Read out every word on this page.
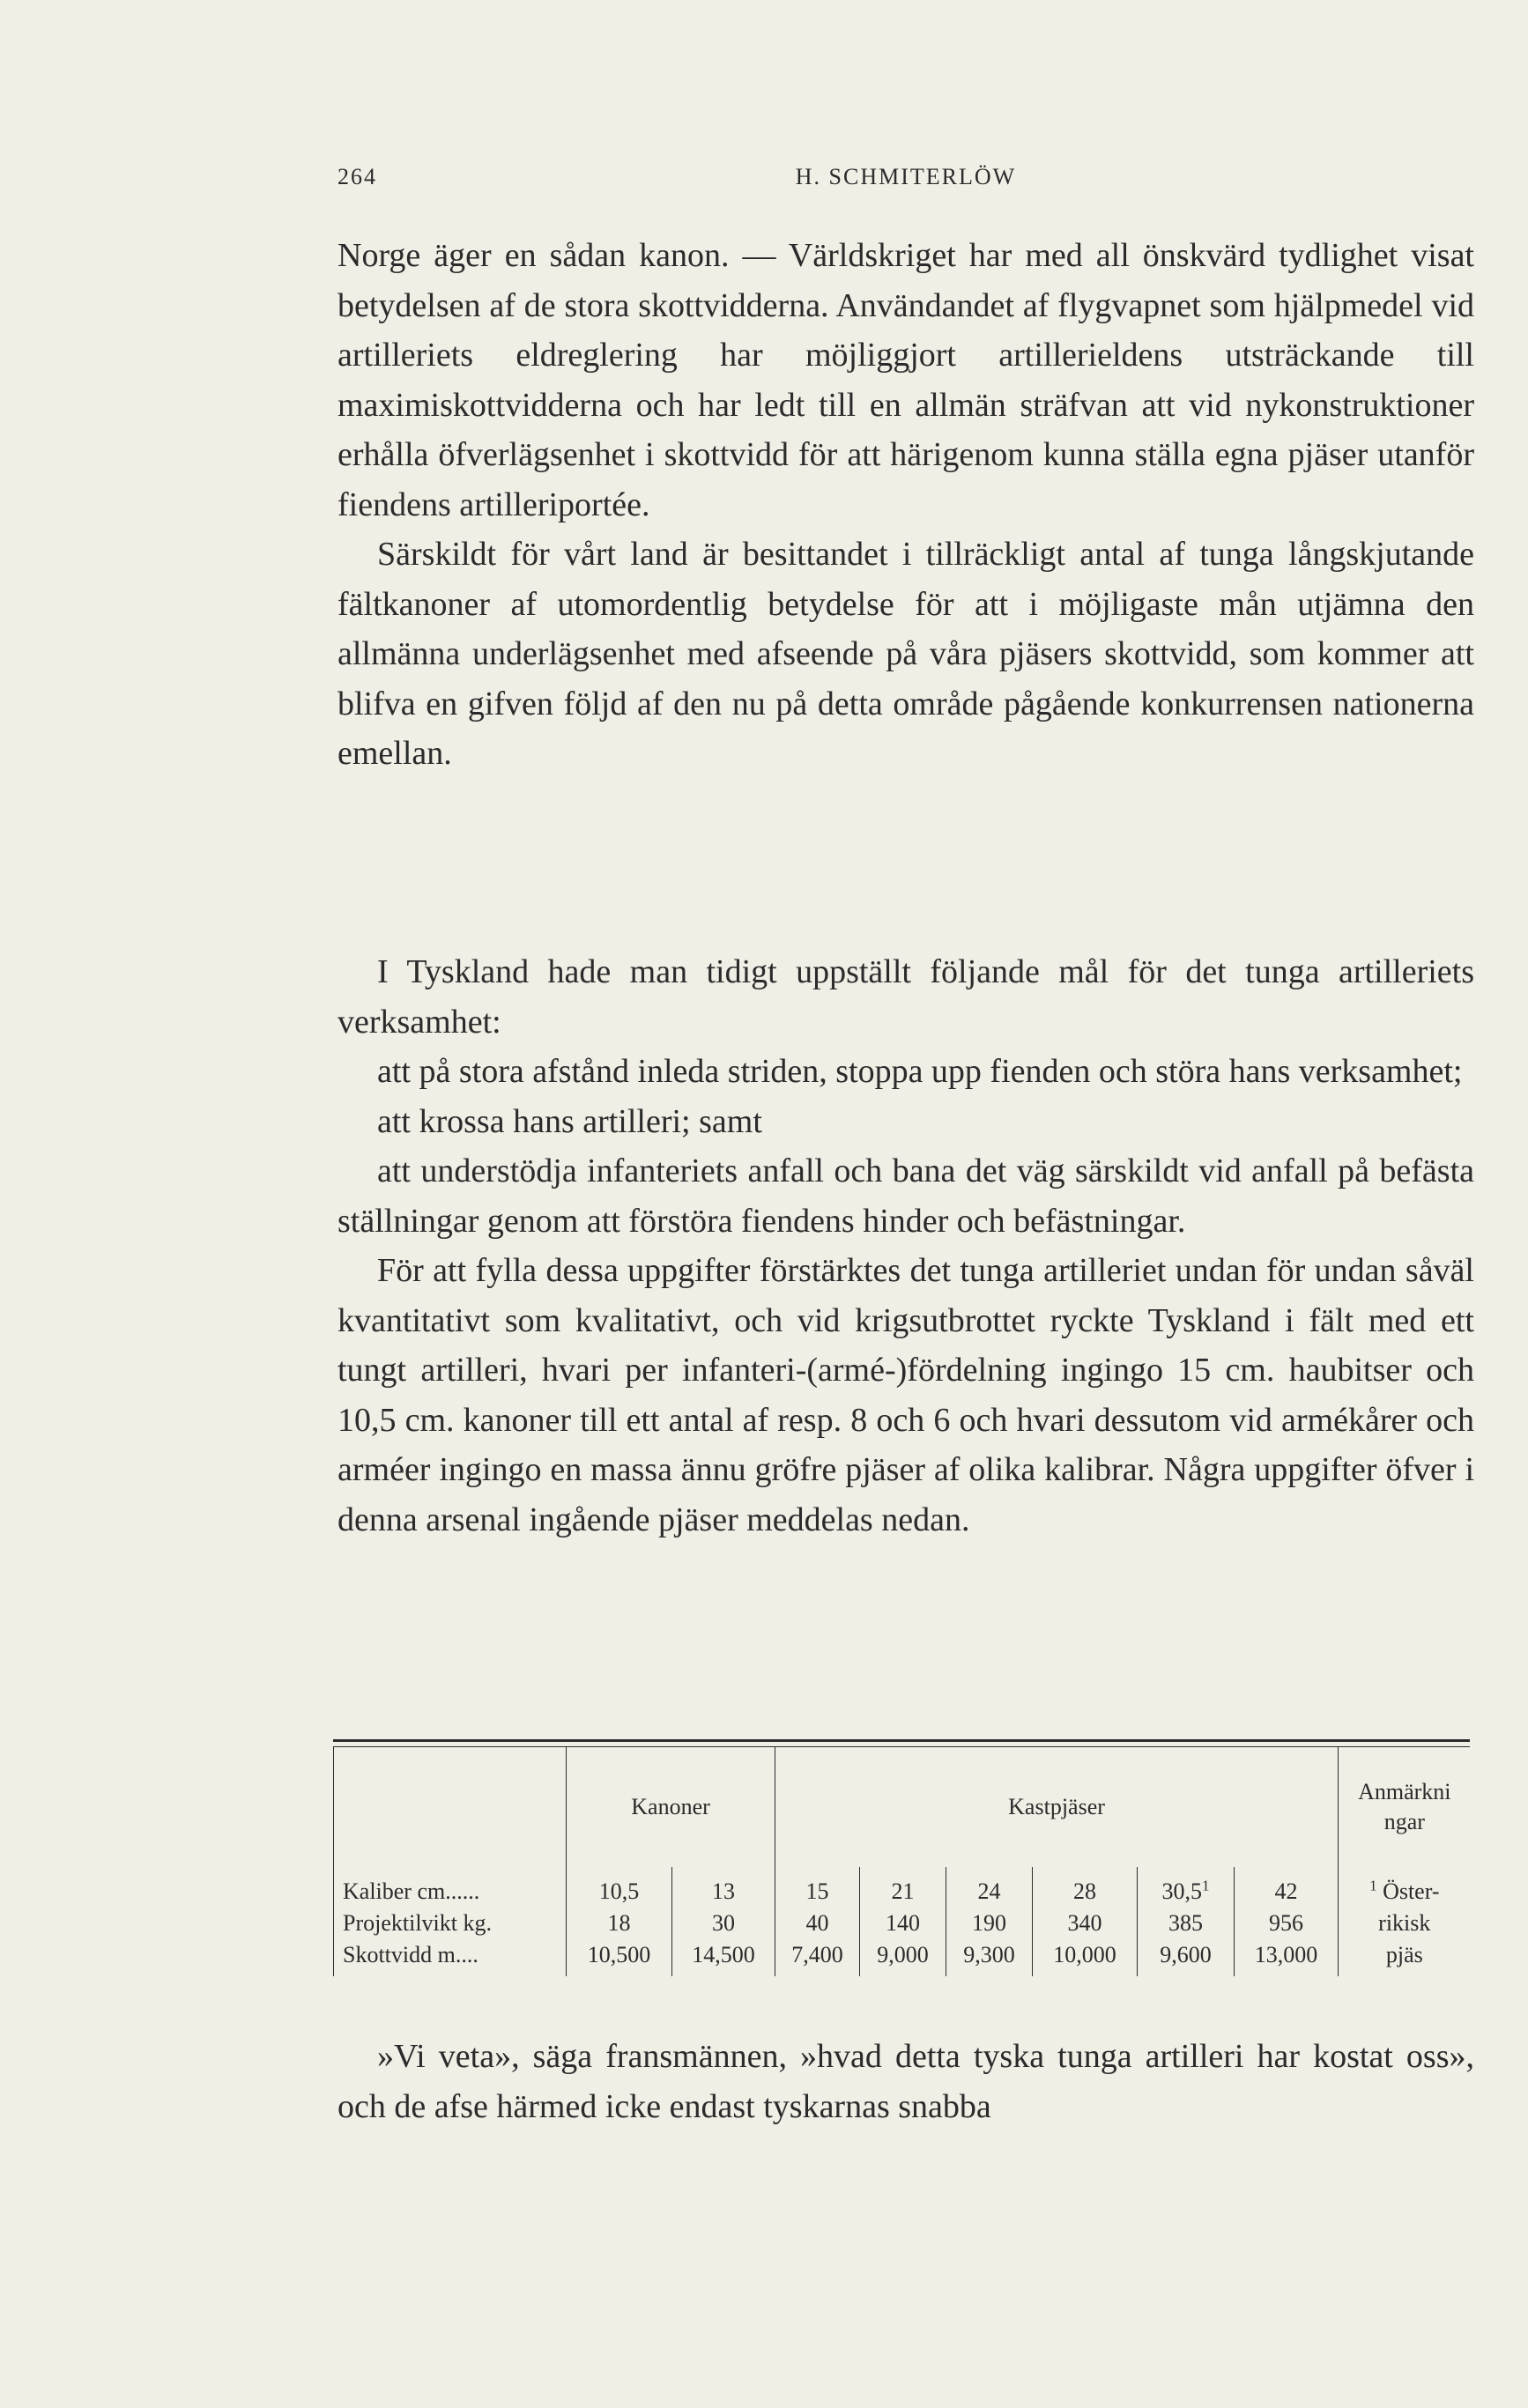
264	H. SCHMITERLÖW

Norge äger en sådan kanon. — Världskriget har med all önskvärd tydlighet visat betydelsen af de stora skottvidderna. Användandet af flygvapnet som hjälpmedel vid artilleriets eldreglering har möjliggjort artillerieldens utsträckande till maximiskottvidderna och har ledt till en allmän sträfvan att vid nykonstruktioner erhålla öfverlägsenhet i skottvidd för att härigenom kunna ställa egna pjäser utanför fiendens artilleriportée.

Särskildt för vårt land är besittandet i tillräckligt antal af tunga långskjutande fältkanoner af utomordentlig betydelse för att i möjligaste mån utjämna den allmänna underlägsenhet med afseende på våra pjäsers skottvidd, som kommer att blifva en gifven följd af den nu på detta område pågående konkurrensen nationerna emellan.

I Tyskland hade man tidigt uppställt följande mål för det tunga artilleriets verksamhet:

att på stora afstånd inleda striden, stoppa upp fienden och störa hans verksamhet;

att krossa hans artilleri; samt

att understödja infanteriets anfall och bana det väg särskildt vid anfall på befästa ställningar genom att förstöra fiendens hinder och befästningar.

För att fylla dessa uppgifter förstärktes det tunga artilleriet undan för undan såväl kvantitativt som kvalitativt, och vid krigsutbrottet ryckte Tyskland i fält med ett tungt artilleri, hvari per infanteri-(armé-)fördelning ingingo 15 cm. haubitser och 10,5 cm. kanoner till ett antal af resp. 8 och 6 och hvari dessutom vid armékårer och arméer ingingo en massa ännu gröfre pjäser af olika kalibrar. Några uppgifter öfver i denna arsenal ingående pjäser meddelas nedan.

	Kanoner		Kastpjäser						Anmärkningar
Kaliber cm......	10,5	13	15	21	24	28	30,5$^1$	42	$^1$ Öster-
Projektilvikt kg.	18	30	40	140	190	340	385	956	rikisk
Skottvidd m....	10,500	14,500	7,400	9,000	9,300	10,000	9,600	13,000	pjäs

»Vi veta», säga fransmännen, »hvad detta tyska tunga artilleri har kostat oss», och de afse härmed icke endast tyskarnas snabba
